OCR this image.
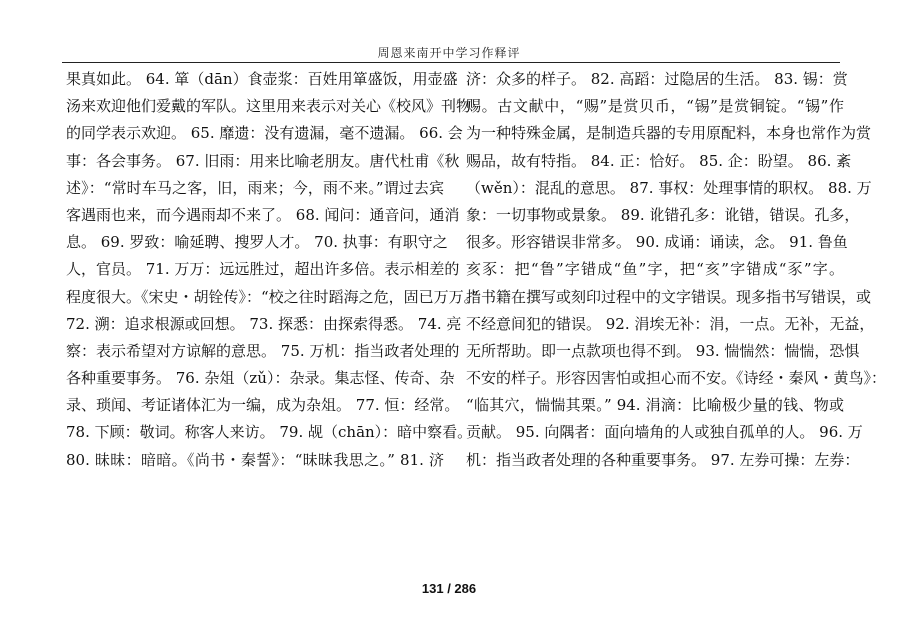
周恩来南开中学习作释评
果真如此。 64. 箪（dān）食壶浆：百姓用箪盛饭，用壶盛
汤来欢迎他们爱戴的军队。这里用来表示对关心《校风》刊物
的同学表示欢迎。 65. 靡遗：没有遗漏，毫不遗漏。 66. 会
事：各会事务。 67. 旧雨：用来比喻老朋友。唐代杜甫《秋
述》：“常时车马之客，旧，雨来；今，雨不来。”谓过去宾
客遇雨也来，而今遇雨却不来了。 68. 闻问：通音问，通消
息。 69. 罗致：喻延聘、搜罗人才。 70. 执事：有职守之
人，官员。 71. 万万：远远胜过，超出许多倍。表示相差的
程度很大。《宋史・胡铨传》：“校之往时蹈海之危，固已万万。”
72. 溯：追求根源或回想。 73. 探悉：由探索得悉。 74. 亮
察：表示希望对方谅解的意思。 75. 万机：指当政者处理的
各种重要事务。 76. 杂俎（zǔ）：杂录。集志怪、传奇、杂
录、琐闻、考证诸体汇为一编，成为杂俎。 77. 恒：经常。
78. 下顾：敬词。称客人来访。 79. 觇（chān）：暗中察看。
80. 昧昧：暗暗。《尚书・秦誓》：“昧昧我思之。” 81. 济
济：众多的样子。 82. 高蹈：过隐居的生活。 83. 锡：赏
赐。古文献中，“赐”是赏贝币，“锡”是赏铜锭。“锡”作
为一种特殊金属，是制造兵器的专用原配料，本身也常作为赏
赐品，故有特指。 84. 正：恰好。 85. 企：盼望。 86. 紊
（wěn）：混乱的意思。 87. 事权：处理事情的职权。 88. 万
象：一切事物或景象。 89. 讹错孔多：讹错，错误。孔多，
很多。形容错误非常多。 90. 成诵：诵读，念。 91. 鲁鱼
亥豕：把“鲁”字错成“鱼”字，把“亥”字错成“豕”字。
指书籍在撰写或刻印过程中的文字错误。现多指书写错误，或
不经意间犯的错误。 92. 涓埃无补：涓，一点。无补，无益，
无所帮助。即一点款项也得不到。 93. 惴惴然：惴惴，恐惧
不安的样子。形容因害怕或担心而不安。《诗经・秦风・黄鸟》：
“临其穴，惴惴其栗。” 94. 涓滴：比喻极少量的钱、物或
贡献。 95. 向隅者：面向墙角的人或独自孤单的人。 96. 万
机：指当政者处理的各种重要事务。 97. 左券可操：左券：
131 / 286
